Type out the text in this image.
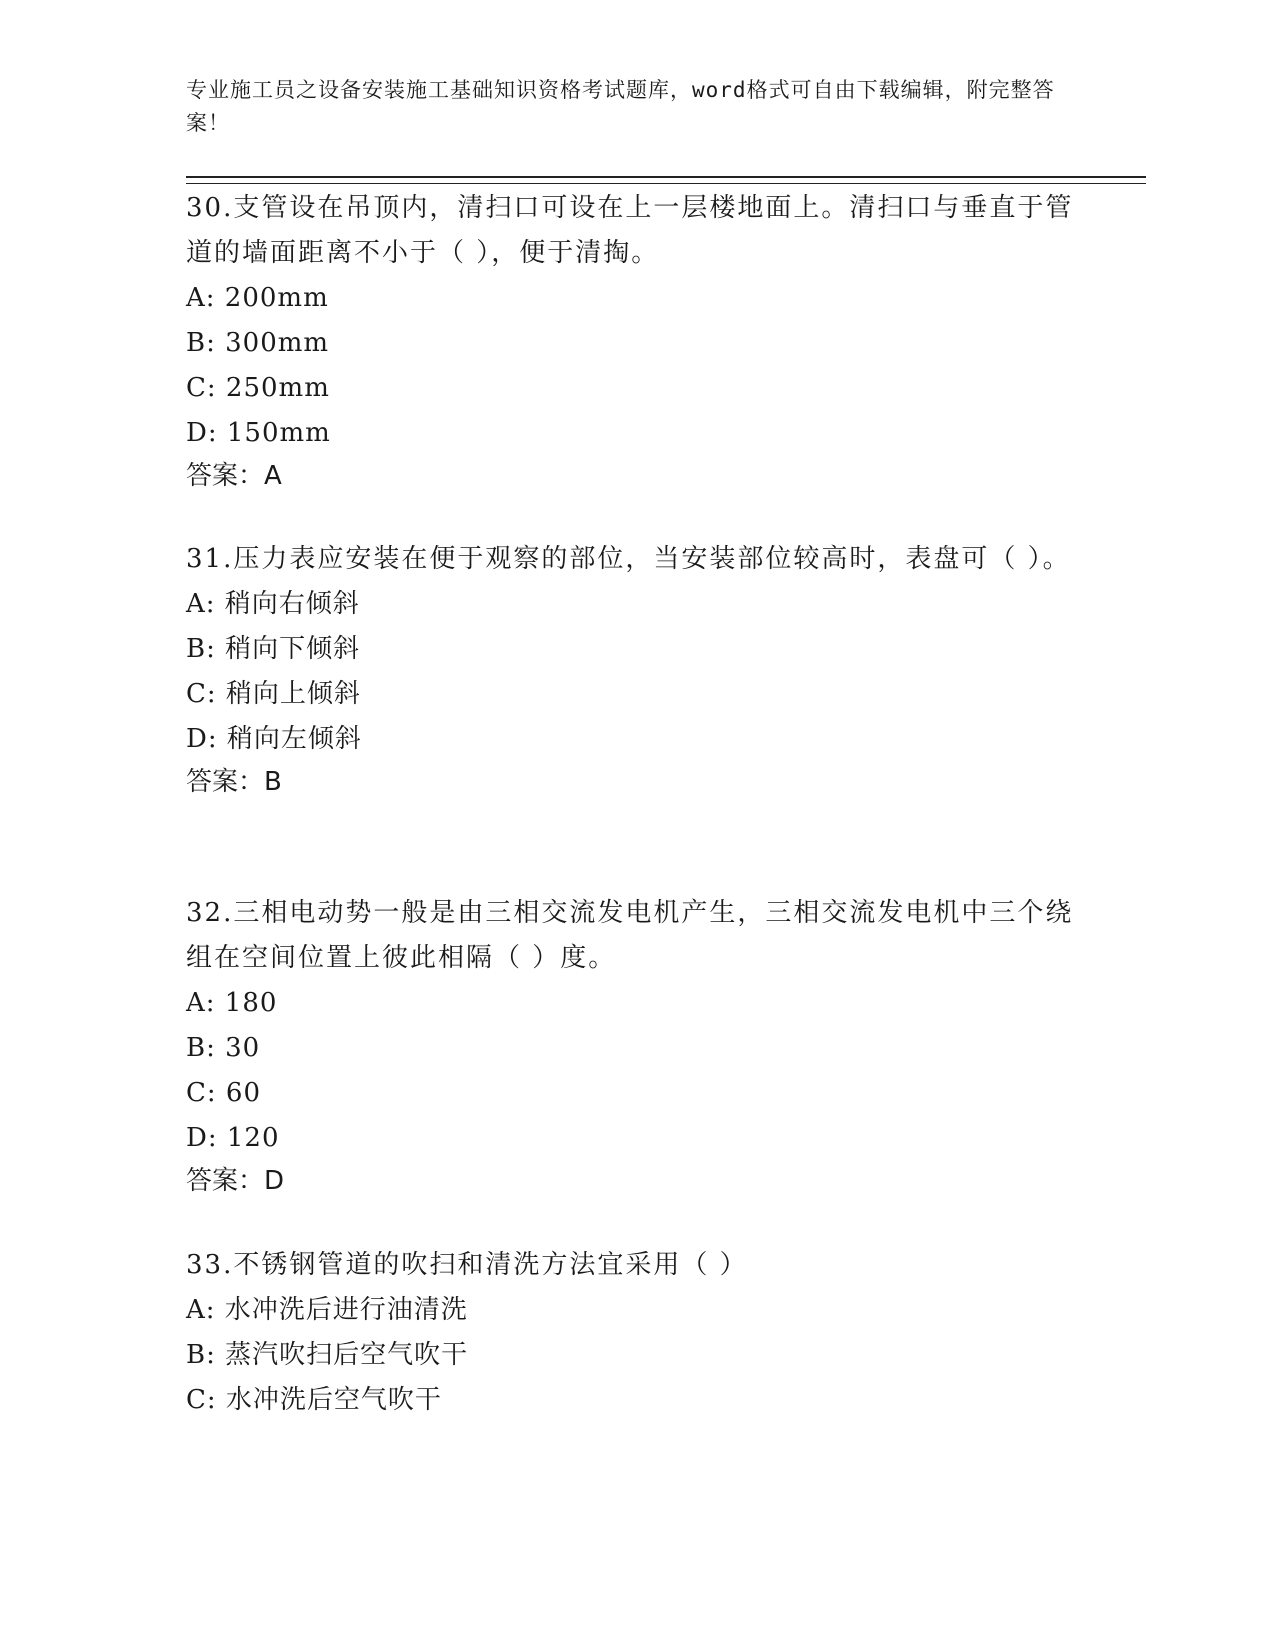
专业施工员之设备安装施工基础知识资格考试题库，word格式可自由下载编辑，附完整答案！

30.支管设在吊顶内，清扫口可设在上一层楼地面上。清扫口与垂直于管道的墙面距离不小于（ ），便于清掏。

A: 200mm

B: 300mm

C: 250mm

D: 150mm

答案：A

31.压力表应安装在便于观察的部位，当安装部位较高时，表盘可（ ）。

A: 稍向右倾斜

B: 稍向下倾斜

C: 稍向上倾斜

D: 稍向左倾斜

答案：B

32.三相电动势一般是由三相交流发电机产生，三相交流发电机中三个绕组在空间位置上彼此相隔（ ）度。

A: 180

B: 30

C: 60

D: 120

答案：D

33.不锈钢管道的吹扫和清洗方法宜采用（ ）

A: 水冲洗后进行油清洗

B: 蒸汽吹扫后空气吹干

C: 水冲洗后空气吹干
